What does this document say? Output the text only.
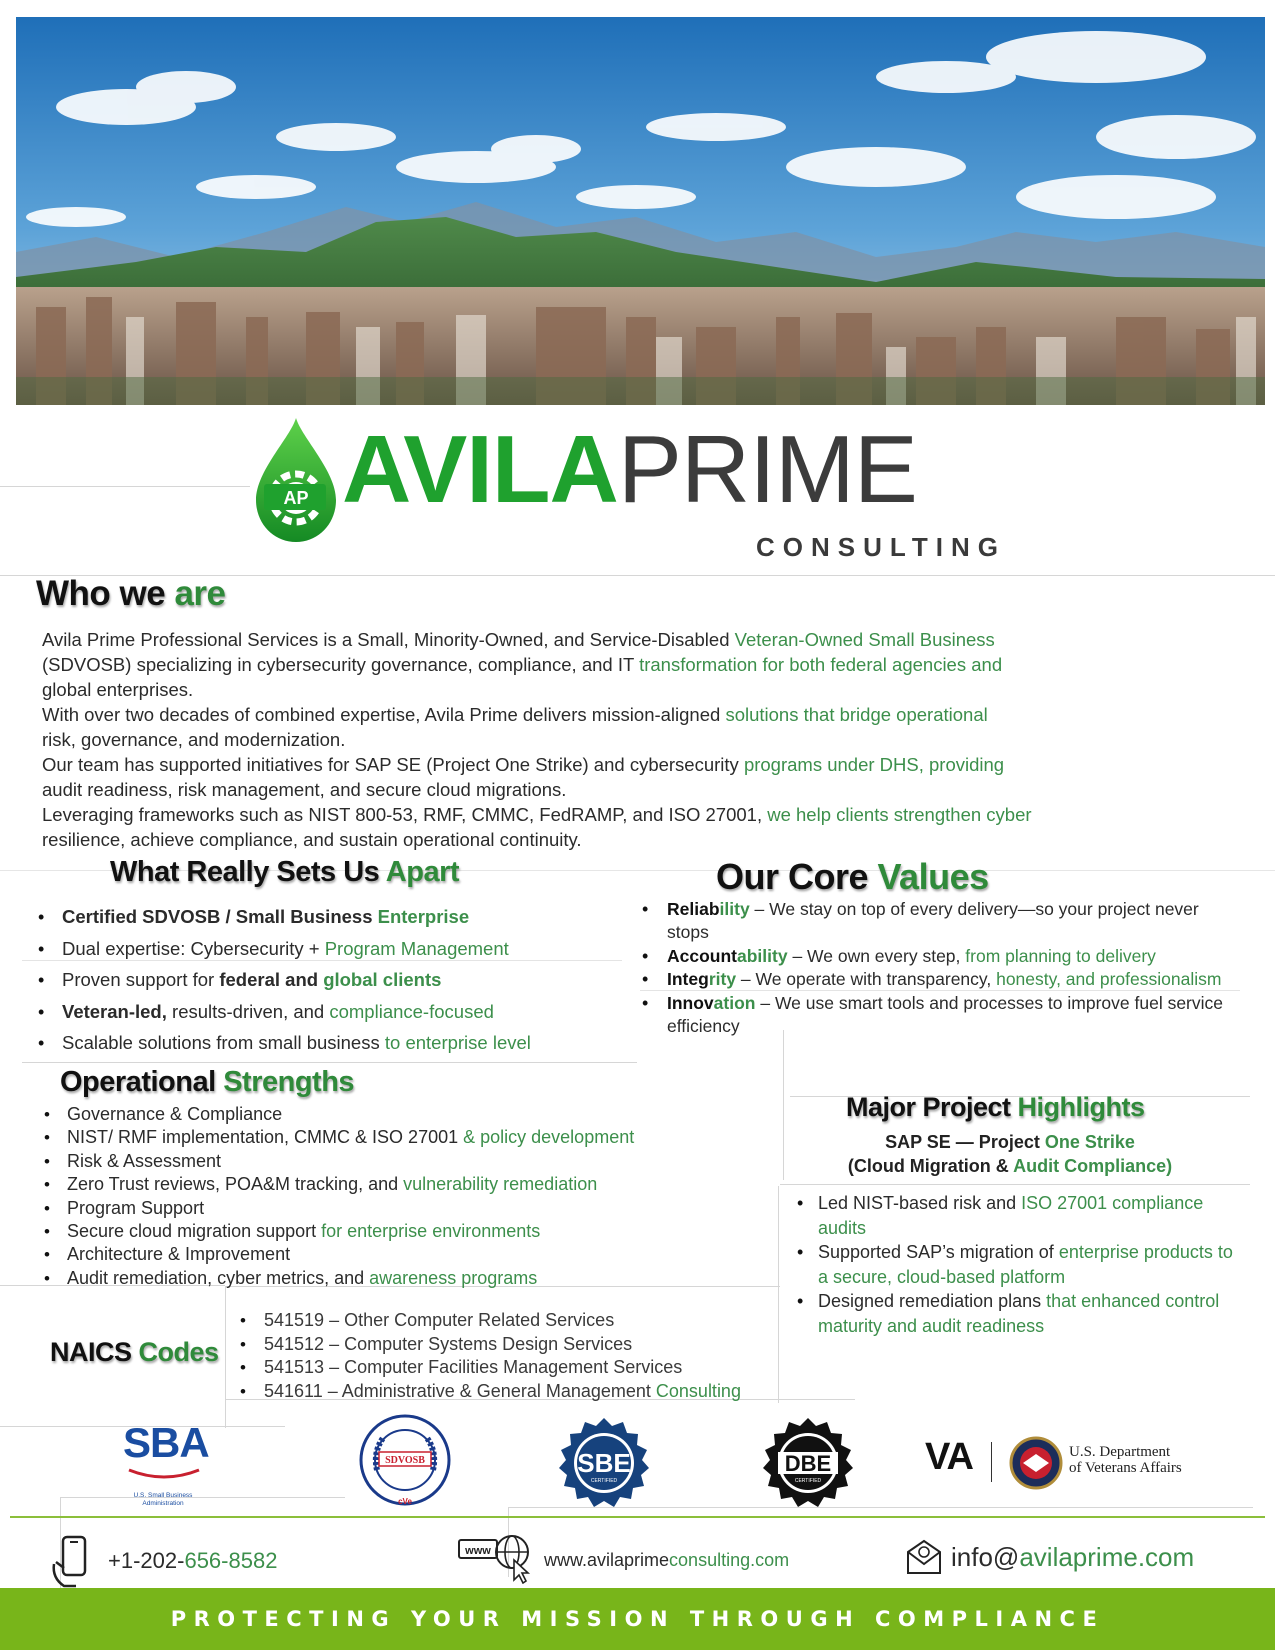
AP AVILAPRIME
CONSULTING
Who we are

Avila Prime Professional Services is a Small, Minority-Owned, and Service-Disabled Veteran-Owned Small Business

(SDVOSB) specializing in cybersecurity governance, compliance, and IT transformation for both federal agencies and

global enterprises.

With over two decades of combined expertise, Avila Prime delivers mission-aligned solutions that bridge operational

risk, governance, and modernization.

Our team has supported initiatives for SAP SE (Project One Strike) and cybersecurity programs under DHS, providing

audit readiness, risk management, and secure cloud migrations.

Leveraging frameworks such as NIST 800-53, RMF, CMMC, FedRAMP, and ISO 27001, we help clients strengthen cyber

resilience, achieve compliance, and sustain operational continuity.

What Really Sets Us Apart
• Certified SDVOSB / Small Business Enterprise
• Dual expertise: Cybersecurity + Program Management
• Proven support for federal and global clients
• Veteran-led, results-driven, and compliance-focused
• Scalable solutions from small business to enterprise level
Our Core Values
• Reliability – We stay on top of every delivery—so your project never stops
• Accountability – We own every step, from planning to delivery
• Integrity – We operate with transparency, honesty, and professionalism
• Innovation – We use smart tools and processes to improve fuel service efficiency
Operational Strengths
• Governance & Compliance
• NIST/ RMF implementation, CMMC & ISO 27001 & policy development
• Risk & Assessment
• Zero Trust reviews, POA&M tracking, and vulnerability remediation
• Program Support
• Secure cloud migration support for enterprise environments
• Architecture & Improvement
• Audit remediation, cyber metrics, and awareness programs
Major Project Highlights
SAP SE — Project One Strike
(Cloud Migration & Audit Compliance)
• Led NIST-based risk and ISO 27001 compliance audits
• Supported SAP’s migration of enterprise products to a secure, cloud-based platform
• Designed remediation plans that enhanced control maturity and audit readiness
NAICS Codes
• 541519 – Other Computer Related Services
• 541512 – Computer Systems Design Services
• 541513 – Computer Facilities Management Services
• 541611 – Administrative & General Management Consulting
SBA
U.S. Small Business Administration
SDVOSB
cVe
SBE
CERTIFIED
DBE
CERTIFIED
VA	U.S. Department
of Veterans Affairs
+1-202-656-8582	www	www.avilaprimeconsulting.com	info@avilaprime.com
PROTECTING YOUR MISSION THROUGH COMPLIANCE
